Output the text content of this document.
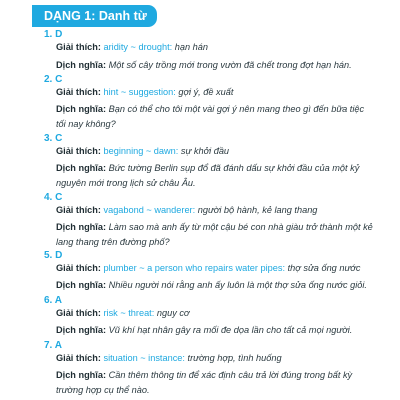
DẠNG 1: Danh từ
1. D
Giải thích: aridity ~ drought: hạn hán
Dịch nghĩa: Một số cây trồng mới trong vườn đã chết trong đợt hạn hán.
2. C
Giải thích: hint ~ suggestion: gợi ý, đề xuất
Dịch nghĩa: Bạn có thể cho tôi một vài gợi ý nên mang theo gì đến bữa tiệc tối nay không?
3. C
Giải thích: beginning ~ dawn: sự khởi đầu
Dịch nghĩa: Bức tường Berlin sụp đổ đã đánh dấu sự khởi đầu của một kỷ nguyên mới trong lịch sử châu Âu.
4. C
Giải thích: vagabond ~ wanderer: người bộ hành, kẻ lang thang
Dịch nghĩa: Làm sao mà anh ấy từ một cậu bé con nhà giàu trở thành một kẻ lang thang trên đường phố?
5. D
Giải thích: plumber ~ a person who repairs water pipes: thợ sửa ống nước
Dịch nghĩa: Nhiều người nói rằng anh ấy luôn là một thợ sửa ống nước giỏi.
6. A
Giải thích: risk ~ threat: nguy cơ
Dịch nghĩa: Vũ khí hạt nhân gây ra mối đe dọa lần cho tất cả mọi người.
7. A
Giải thích: situation ~ instance: trường hợp, tình huống
Dịch nghĩa: Cần thêm thông tin để xác định câu trả lời đúng trong bất kỳ trường hợp cụ thể nào.
